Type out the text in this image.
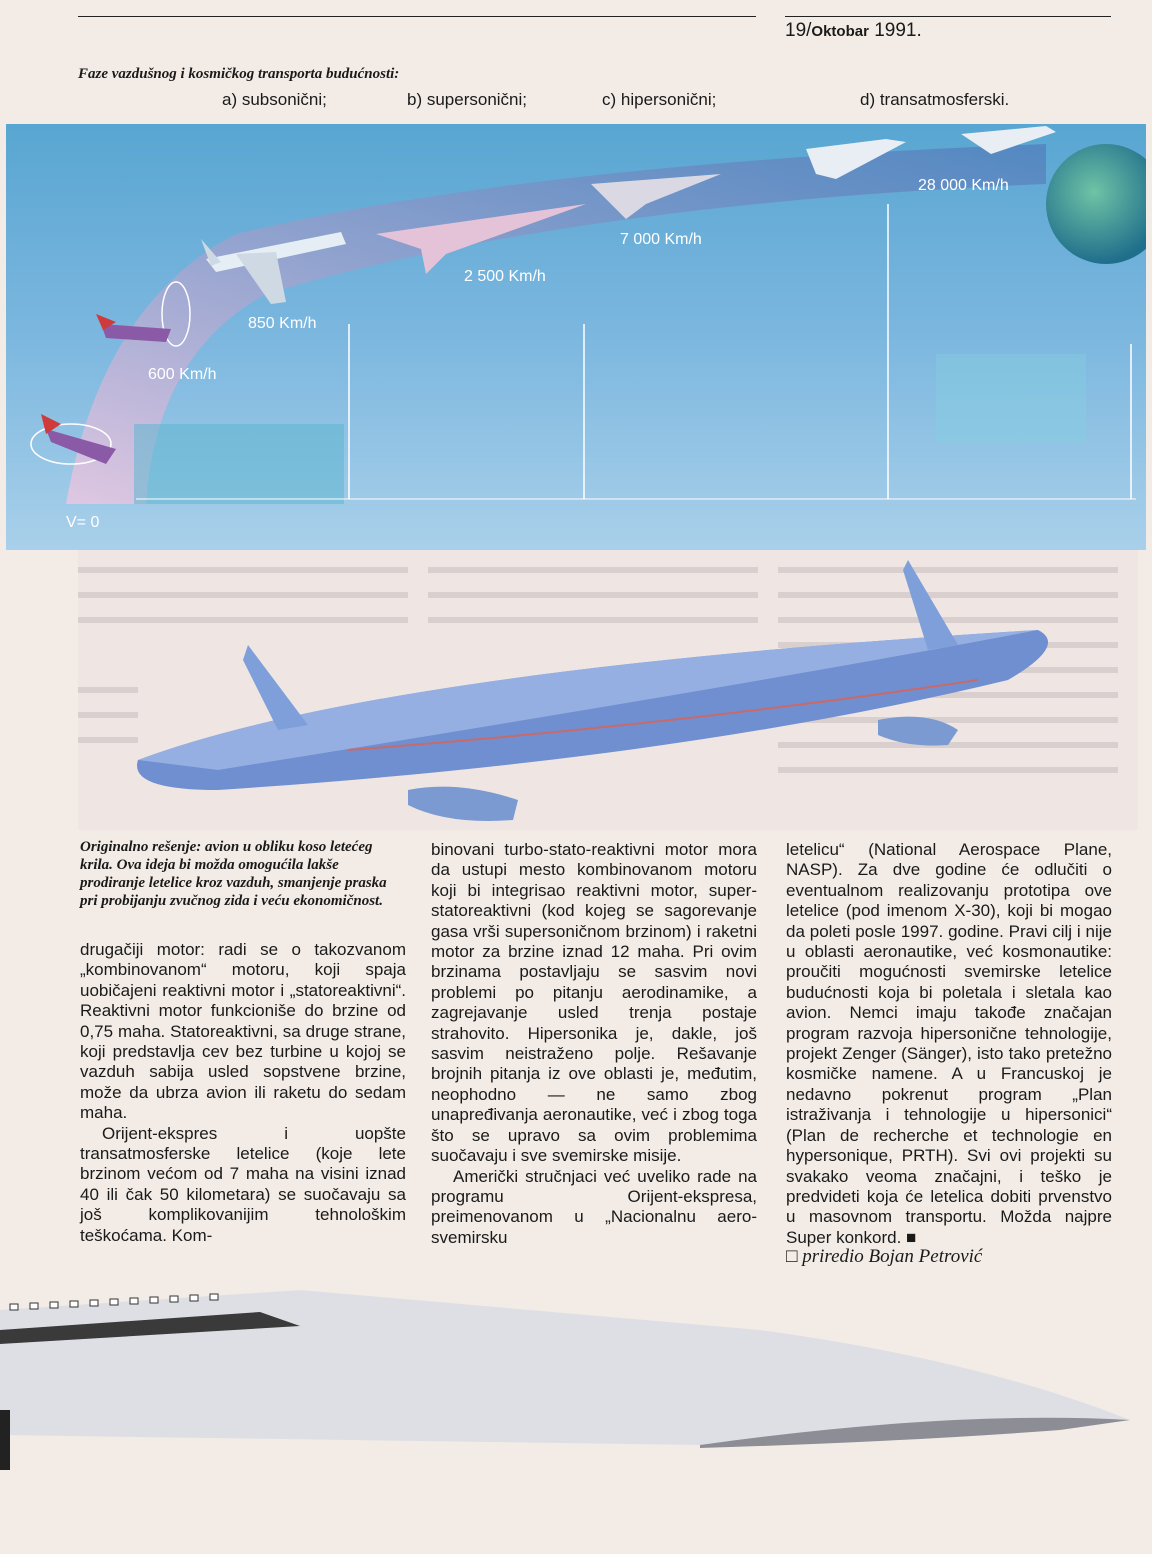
19/Oktobar 1991.
Faze vazdušnog i kosmičkog transporta budućnosti:
a) subsonični;	b) supersonični;	c) hipersonični;	d) transatmosferski.
V= 0
600 Km/h
850 Km/h
2 500 Km/h
7 000 Km/h
28 000 Km/h
Originalno rešenje: avion u obliku koso letećeg krila. Ova ideja bi možda omogućila lakše prodiranje letelice kroz vazduh, smanjenje praska pri probijanju zvučnog zida i veću ekonomičnost.

drugačiji motor: radi se o takozvanom „kombinovanom“ motoru, koji spaja uobičajeni reaktivni motor i „statoreaktivni“. Reaktivni motor funkcioniše do brzine od 0,75 maha. Statoreaktivni, sa druge strane, koji predstavlja cev bez turbine u kojoj se vazduh sabija usled sopstvene brzine, može da ubrza avion ili raketu do sedam maha.

Orijent-ekspres i uopšte transatmosferske letelice (koje lete brzinom većom od 7 maha na visini iznad 40 ili čak 50 kilometara) se suočavaju sa još komplikovanijim tehnološkim teškoćama. Kom-

binovani turbo-stato-reaktivni motor mora da ustupi mesto kombinovanom motoru koji bi integrisao reaktivni motor, super-statoreaktivni (kod kojeg se sagorevanje gasa vrši supersoničnom brzinom) i raketni motor za brzine iznad 12 maha. Pri ovim brzinama postavljaju se sasvim novi problemi po pitanju aerodinamike, a zagrejavanje usled trenja postaje strahovito. Hipersonika je, dakle, još sasvim neistraženo polje. Rešavanje brojnih pitanja iz ove oblasti je, međutim, neophodno — ne samo zbog unapređivanja aeronautike, već i zbog toga što se upravo sa ovim problemima suočavaju i sve svemirske misije.

Američki stručnjaci već uveliko rade na programu Orijent-ekspresa, preimenovanom u „Nacionalnu aero-svemirsku

letelicu“ (National Aerospace Plane, NASP). Za dve godine će odlučiti o eventualnom realizovanju prototipa ove letelice (pod imenom X-30), koji bi mogao da poleti posle 1997. godine. Pravi cilj i nije u oblasti aeronautike, već kosmonautike: proučiti mogućnosti svemirske letelice budućnosti koja bi poletala i sletala kao avion. Nemci imaju takođe značajan program razvoja hipersonične tehnologije, projekt Zenger (Sänger), isto tako pretežno kosmičke namene. A u Francuskoj je nedavno pokrenut program „Plan istraživanja i tehnologije u hipersonici“ (Plan de recherche et technologie en hypersonique, PRTH). Svi ovi projekti su svakako veoma značajni, i teško je predvideti koja će letelica dobiti prvenstvo u masovnom transportu. Možda najpre Super konkord. ■

□ priredio Bojan Petrović
